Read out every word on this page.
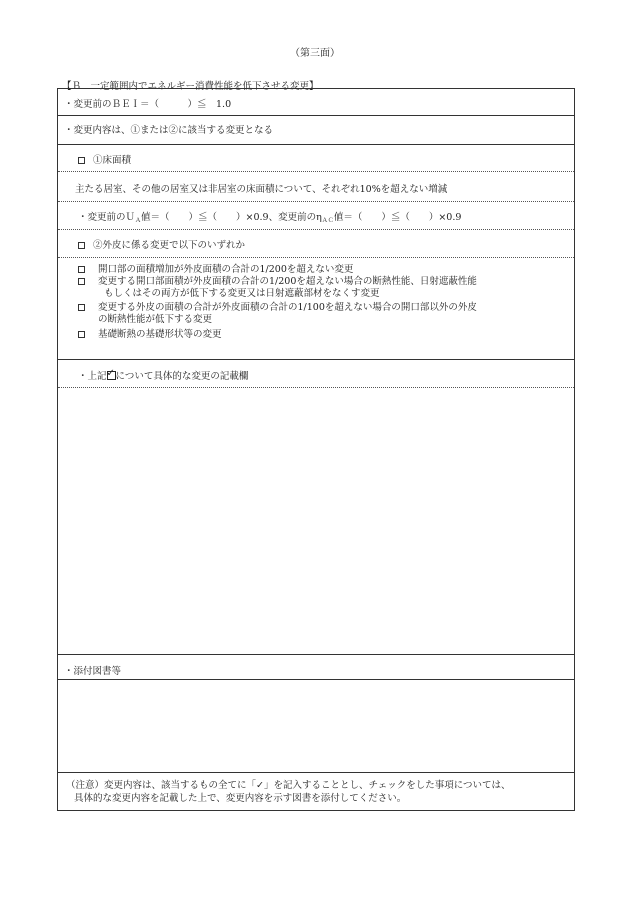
（第三面）
【Ｂ　一定範囲内でエネルギー消費性能を低下させる変更】
・変更前のＢＥＩ＝（　　　）≦　1.0
・変更内容は、①または②に該当する変更となる
①床面積
主たる居室、その他の居室又は非居室の床面積について、それぞれ10%を超えない増減
・変更前のＵ$_A$値＝（　　）≦（　　）×0.9、変更前の$\eta_{AC}$値＝（　　）≦（　　）×0.9
②外皮に係る変更で以下のいずれか
開口部の面積増加が外皮面積の合計の1/200を超えない変更
変更する開口部面積が外皮面積の合計の1/200を超えない場合の断熱性能、日射遮蔽性能
もしくはその両方が低下する変更又は日射遮蔽部材をなくす変更
変更する外皮の面積の合計が外皮面積の合計の1/100を超えない場合の開口部以外の外皮
の断熱性能が低下する変更
基礎断熱の基礎形状等の変更
・上記✓ について具体的な変更の記載欄
・添付図書等
（注意）変更内容は、該当するもの全てに「✓」を記入することとし、チェックをした事項については、
具体的な変更内容を記載した上で、変更内容を示す図書を添付してください。
